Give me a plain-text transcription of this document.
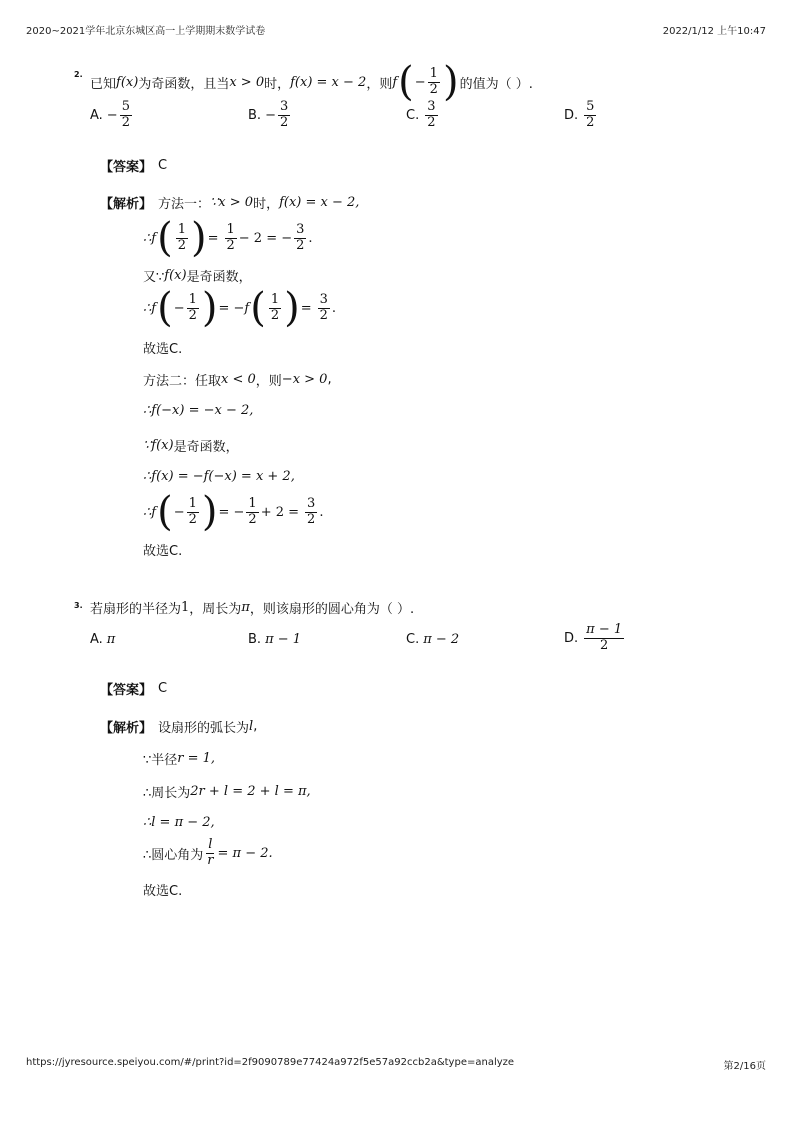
2020~2021学年北京东城区高一上学期期末数学试卷	2022/1/12 上午10:47
2.
已知 f(x) 为奇函数，且当 x > 0 时， f(x) = x − 2 ，则 f ( − $\frac{1}{2}$ ) 的值为（ ）.
A. − $\frac{5}{2}$	B. − $\frac{3}{2}$	C. $\frac{3}{2}$	D. $\frac{5}{2}$
【答案】 C
【解析】 方法一： ∵x > 0 时， f(x) = x − 2,
∴f ( $\frac{1}{2}$ ) = $\frac{1}{2} - 2$ = − $\frac{3}{2}$ .
又∵ f(x) 是奇函数，
∴f ( − $\frac{1}{2}$ ) = −f ( $\frac{1}{2}$ ) = $\frac{3}{2}$ .
故选C.
方法二：任取 x < 0 ，则 −x > 0 ,
∴f(−x) = −x − 2,
∵f(x) 是奇函数，
∴f(x) = −f(−x) = x + 2,
∴f ( − $\frac{1}{2}$ ) = − $\frac{1}{2} + 2 = \frac{3}{2}$ .
故选C.
3. 若扇形的半径为 1 ，周长为 π ，则该扇形的圆心角为（ ）.
A. π	B. π − 1	C. π − 2	D. $\frac{\pi - 1}{2}$
【答案】 C
【解析】 设扇形的弧长为 l ,
∵半径 r = 1,
∴周长为 2r + l = 2 + l = π,
∴l = π − 2,
∴圆心角为 $\frac{l}{r} = \pi - 2$.
故选C.
https://jyresource.speiyou.com/#/print?id=2f9090789e77424a972f5e57a92ccb2a&type=analyze	第2/16页
